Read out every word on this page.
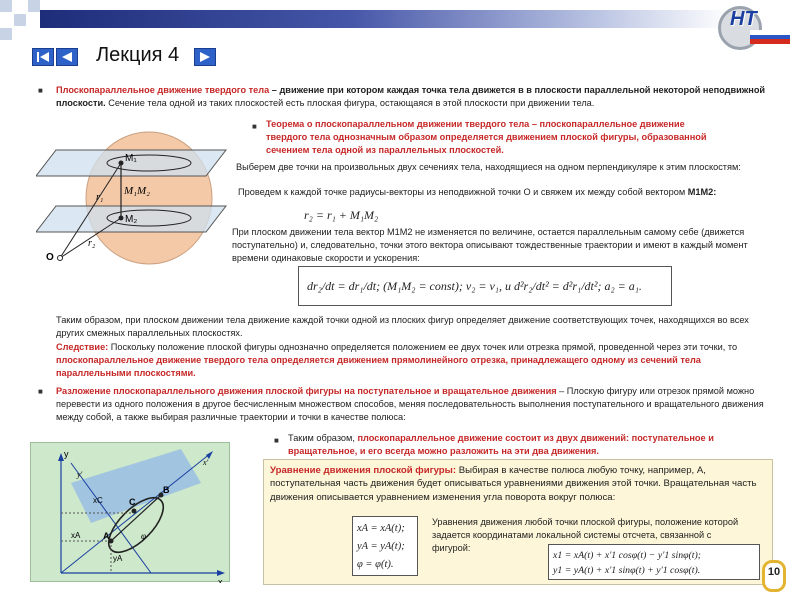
НТ
Лекция 4
■ Плоскопараллельное движение твердого тела – движение при котором каждая точка тела движется в в плоскости параллельной некоторой неподвижной плоскости. Сечение тела одной из таких плоскостей есть плоская фигура, остающаяся в этой плоскости при движении тела.
M₁
M₂
r₁
r₂
M₁M₂
O
■ Теорема о плоскопараллельном движении твердого тела – плоскопараллельное движение твердого тела однозначным образом определяется движением плоской фигуры, образованной сечением тела одной из параллельных плоскостей.
Выберем две точки на произвольных двух сечениях тела, находящиеся на одном перпендикуляре к этим плоскостям:
Проведем к каждой точке радиусы-векторы из неподвижной точки О и свяжем их между собой вектором M1M2:
r₂ = r₁ + M₁M₂
При плоском движении тела вектор M1M2 не изменяется по величине, остается параллельным самому себе (движется поступательно) и, следовательно, точки этого вектора описывают тождественные траектории и имеют в каждый момент времени одинаковые скорости и ускорения:
dr₂/dt = dr₁/dt; (M₁M₂ = const); v₂ = v₁, и d²r₂/dt² = d²r₁/dt²; a₂ = a₁.
Таким образом, при плоском движении тела движение каждой точки одной из плоских фигур определяет движение соответствующих точек, находящихся во всех других смежных параллельных плоскостях.
Следствие: Поскольку положение плоской фигуры однозначно определяется положением ее двух точек или отрезка прямой, проведенной через эти точки, то плоскопараллельное движение твердого тела определяется движением прямолинейного отрезка, принадлежащего одному из сечений тела параллельными плоскостями.
■ Разложение плоскопараллельного движения плоской фигуры на поступательное и вращательное движения – Плоскую фигуру или отрезок прямой можно перевести из одного положения в другое бесчисленным множеством способов, меняя последовательность выполнения поступательного и вращательного движения между собой, а также выбирая различные траектории и точки в качестве полюса:
■ Таким образом, плоскопараллельное движение состоит из двух движений: поступательное и вращательное, и его всегда можно разложить на эти два движения.
y
x
xC
xA
yA
C
A
B
φ
x'
y'	Уравнение движения плоской фигуры: Выбирая в качестве полюса любую точку, например, A, поступательная часть движения будет описываться уравнениями движения этой точки. Вращательная часть движения описывается уравнением изменения угла поворота вокруг полюса:
xA = xA(t);
yA = yA(t);
φ = φ(t).
Уравнения движения любой точки плоской фигуры, положение которой задается координатами локальной системы отсчета, связанной с фигурой:
x1 = xA(t) + x'1 cosφ(t) − y'1 sinφ(t);
y1 = yA(t) + x'1 sinφ(t) + y'1 cosφ(t).	10
